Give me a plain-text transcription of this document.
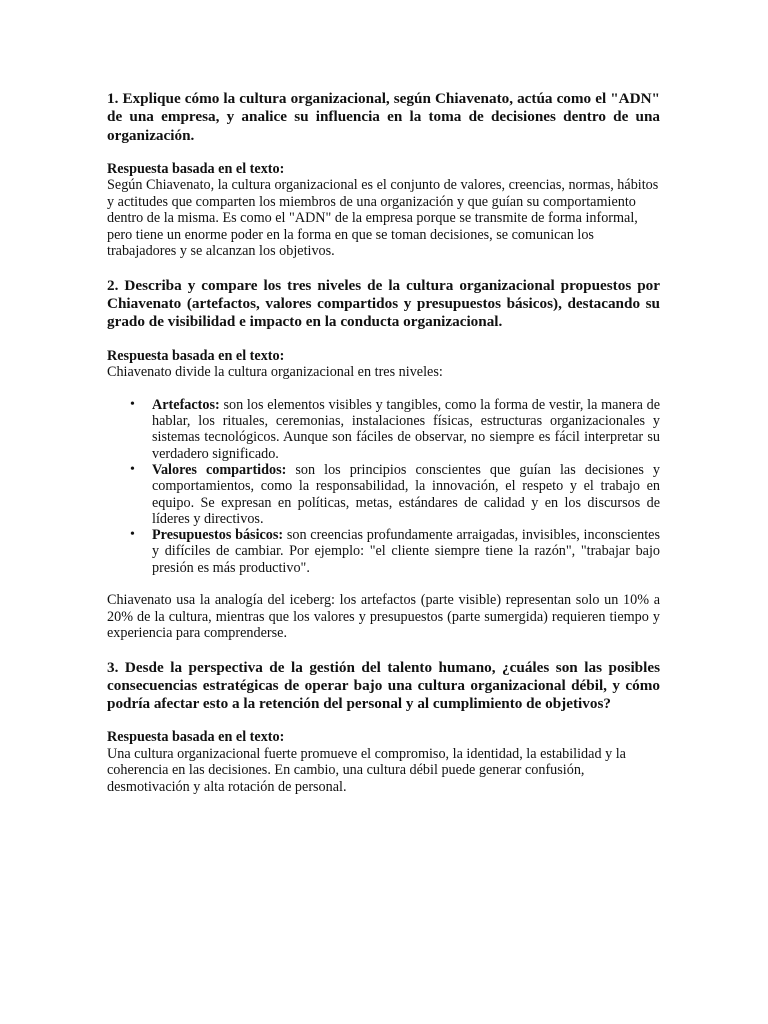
1. Explique cómo la cultura organizacional, según Chiavenato, actúa como el "ADN" de una empresa, y analice su influencia en la toma de decisiones dentro de una organización.

Respuesta basada en el texto:

Según Chiavenato, la cultura organizacional es el conjunto de valores, creencias, normas, hábitos y actitudes que comparten los miembros de una organización y que guían su comportamiento dentro de la misma. Es como el "ADN" de la empresa porque se transmite de forma informal, pero tiene un enorme poder en la forma en que se toman decisiones, se comunican los trabajadores y se alcanzan los objetivos.

2. Describa y compare los tres niveles de la cultura organizacional propuestos por Chiavenato (artefactos, valores compartidos y presupuestos básicos), destacando su grado de visibilidad e impacto en la conducta organizacional.

Respuesta basada en el texto:

Chiavenato divide la cultura organizacional en tres niveles:

• Artefactos: son los elementos visibles y tangibles, como la forma de vestir, la manera de hablar, los rituales, ceremonias, instalaciones físicas, estructuras organizacionales y sistemas tecnológicos. Aunque son fáciles de observar, no siempre es fácil interpretar su verdadero significado.
• Valores compartidos: son los principios conscientes que guían las decisiones y comportamientos, como la responsabilidad, la innovación, el respeto y el trabajo en equipo. Se expresan en políticas, metas, estándares de calidad y en los discursos de líderes y directivos.
• Presupuestos básicos: son creencias profundamente arraigadas, invisibles, inconscientes y difíciles de cambiar. Por ejemplo: "el cliente siempre tiene la razón", "trabajar bajo presión es más productivo".

Chiavenato usa la analogía del iceberg: los artefactos (parte visible) representan solo un 10% a 20% de la cultura, mientras que los valores y presupuestos (parte sumergida) requieren tiempo y experiencia para comprenderse.

3. Desde la perspectiva de la gestión del talento humano, ¿cuáles son las posibles consecuencias estratégicas de operar bajo una cultura organizacional débil, y cómo podría afectar esto a la retención del personal y al cumplimiento de objetivos?

Respuesta basada en el texto:

Una cultura organizacional fuerte promueve el compromiso, la identidad, la estabilidad y la coherencia en las decisiones. En cambio, una cultura débil puede generar confusión, desmotivación y alta rotación de personal.
